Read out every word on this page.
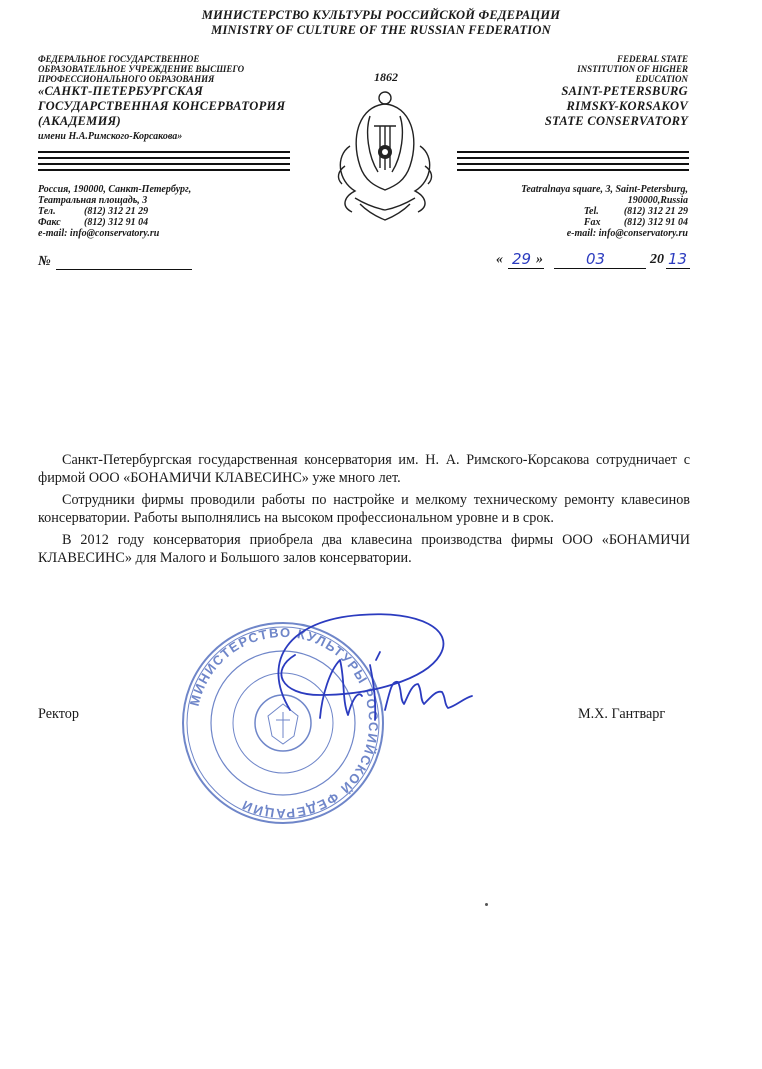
МИНИСТЕРСТВО КУЛЬТУРЫ РОССИЙСКОЙ ФЕДЕРАЦИИ
MINISTRY OF CULTURE OF THE RUSSIAN FEDERATION
ФЕДЕРАЛЬНОЕ ГОСУДАРСТВЕННОЕ
ОБРАЗОВАТЕЛЬНОЕ УЧРЕЖДЕНИЕ ВЫСШЕГО
ПРОФЕССИОНАЛЬНОГО ОБРАЗОВАНИЯ
«САНКТ-ПЕТЕРБУРГСКАЯ
ГОСУДАРСТВЕННАЯ КОНСЕРВАТОРИЯ
(АКАДЕМИЯ)
имени Н.А.Римского-Корсакова»
Россия, 190000, Санкт-Петербург,
Театральная площадь, 3
Тел.	(812) 312 21 29
Факс (812) 312 91 04
e-mail: info@conservatory.ru
№
1862
FEDERAL STATE
INSTITUTION OF HIGHER
EDUCATION
SAINT-PETERSBURG
RIMSKY-KORSAKOV
STATE CONSERVATORY
Teatralnaya square, 3, Saint-Petersburg,
190000,Russia
Tel.	(812) 312 21 29
Fax (812) 312 91 04
e-mail: info@conservatory.ru
« 29 »	03	20 13

Санкт-Петербургская государственная консерватория им. Н. А. Римского-Корсакова сотрудничает с фирмой ООО «БОНАМИЧИ КЛАВЕСИНС» уже много лет.

Сотрудники фирмы проводили работы по настройке и мелкому техническому ремонту клавесинов консерватории. Работы выполнялись на высоком профессиональном уровне и в срок.

В 2012 году консерватория приобрела два клавесина производства фирмы ООО «БОНАМИЧИ КЛАВЕСИНС» для Малого и Большого залов консерватории.

МИНИСТЕРСТВО КУЛЬТУРЫ РОССИЙСКОЙ ФЕДЕРАЦИИ
Ректор	М.Х. Гантварг
